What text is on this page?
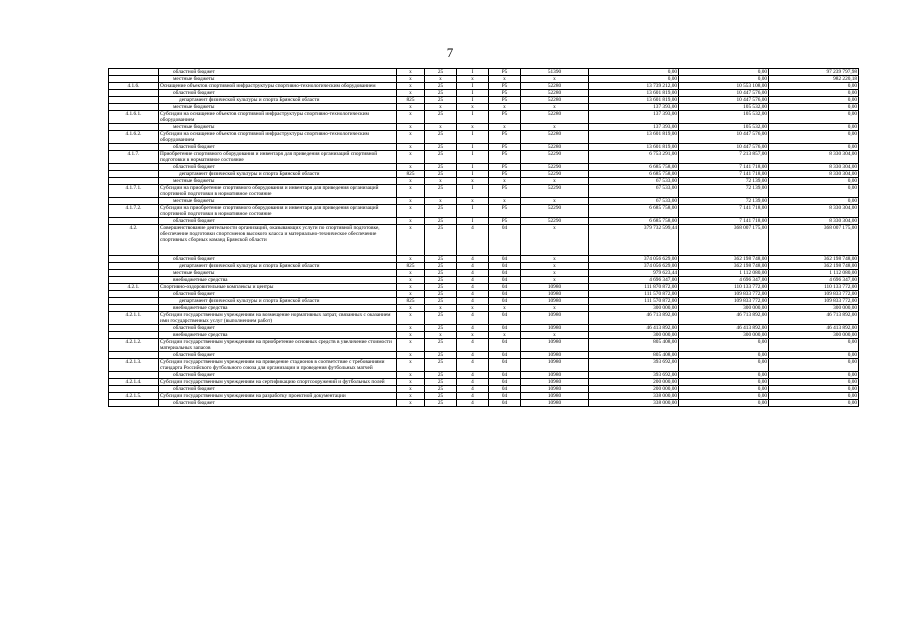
7
	областной бюджет	х	25	I	P5	51390	0,00	0,00	97 239 797,98
	местные бюджеты	х	х	х	х	х	0,00	0,00	982 220,18
4.1.6.	Оснащение объектов спортивной инфраструктуры спортивно-технологическим оборудованием	х	25	I	P5	52280	13 739 212,00	10 553 108,00	0,00
	областной бюджет	х	25	I	P5	52280	13 601 819,00	10 447 576,00	0,00
	департамент физической культуры и спорта Брянской области	825	25	I	P5	52280	13 601 819,00	10 447 576,00	0,00
	местные бюджеты	х	х	х	х	х	137 393,00	105 532,00	0,00
4.1.6.1.	Субсидии на оснащение объектов спортивной инфраструктуры спортивно-технологическим оборудованием	х	25	I	P5	52280	137 393,00	105 532,00	0,00
	местные бюджеты	х	х	х	х	х	137 393,00	105 532,00	0,00
4.1.6.2.	Субсидии на оснащение объектов спортивной инфраструктуры спортивно-технологическим оборудованием	х	25	I	P5	52280	13 601 819,00	10 447 576,00	0,00
	областной бюджет	х	25	I	P5	52280	13 601 819,00	10 447 576,00	0,00
4.1.7.	Приобретение спортивного оборудования и инвентаря для приведения организаций спортивной подготовки в нормативное состояние	х	25	I	P5	52290	6 753 291,00	7 213 857,00	8 330 304,00
	областной бюджет	х	25	I	P5	52290	6 685 758,00	7 141 718,00	8 330 304,00
	департамент физической культуры и спорта Брянской области	825	25	I	P5	52290	6 685 758,00	7 141 718,00	8 330 304,00
	местные бюджеты	х	х	х	х	х	67 533,00	72 139,00	0,00
4.1.7.1.	Субсидии на приобретение спортивного оборудования и инвентаря для приведения организаций спортивной подготовки в нормативное состояние	х	25	I	P5	52290	67 533,00	72 139,00	0,00
	местные бюджеты	х	х	х	х	х	67 533,00	72 139,00	0,00
4.1.7.2.	Субсидии на приобретение спортивного оборудования и инвентаря для приведения организаций спортивной подготовки в нормативное состояние	х	25	I	P5	52290	6 685 758,00	7 141 718,00	8 330 304,00
	областной бюджет	х	25	I	P5	52290	6 685 758,00	7 141 718,00	8 330 304,00
4.2.	Совершенствование деятельности организаций, оказывающих услуги по спортивной подготовке, обеспечение подготовки спортсменов высокого класса и материально-техническое обеспечение спортивных сборных команд Брянской области	х	25	4	04	х	379 732 599,44	368 007 175,00	368 007 175,00
	областной бюджет	х	25	4	04	х	374 056 629,00	362 198 748,00	362 198 748,00
	департамент физической культуры и спорта Брянской области	825	25	4	04	х	374 056 629,00	362 198 748,00	362 198 748,00
	местные бюджеты	х	25	4	04	х	979 623,44	1 112 080,00	1 112 080,00
	внебюджетные средства	х	25	4	04	х	4 696 347,00	4 696 347,00	4 696 347,00
4.2.1.	Спортивно-оздоровительные комплексы и центры	х	25	4	04	10980	111 870 872,00	110 133 772,00	110 133 772,00
	областной бюджет	х	25	4	04	10980	111 570 872,00	109 833 772,00	109 833 772,00
	департамент физической культуры и спорта Брянской области	825	25	4	04	10980	111 570 872,00	109 833 772,00	109 833 772,00
	внебюджетные средства	х	х	х	х	х	300 000,00	300 000,00	300 000,00
4.2.1.1.	Субсидии государственным учреждениям на возмещение нормативных затрат, связанных с оказанием ими государственных услуг (выполнением работ)	х	25	4	04	10980	46 713 892,00	46 713 892,00	46 713 892,00
	областной бюджет	х	25	4	04	10980	46 413 892,00	46 413 892,00	46 413 892,00
	внебюджетные средства	х	х	х	х	х	300 000,00	300 000,00	300 000,00
4.2.1.2.	Субсидии государственным учреждениям на приобретение основных средств в увеличение стоимости материальных запасов	х	25	4	04	10980	805 408,00	0,00	0,00
	областной бюджет	х	25	4	04	10980	805 408,00	0,00	0,00
4.2.1.3.	Субсидии государственным учреждениям на приведение стадионов в соответствие с требованиями стандарта Российского футбольного союза для организации и проведения футбольных матчей	х	25	4	04	10980	393 692,00	0,00	0,00
	областной бюджет	х	25	4	04	10980	393 692,00	0,00	0,00
4.2.1.4.	Субсидии государственным учреждениям на сертификацию спортсооружений и футбольных полей	х	25	4	04	10980	200 000,00	0,00	0,00
	областной бюджет	х	25	4	04	10980	200 000,00	0,00	0,00
4.2.1.5.	Субсидии государственным учреждениям на разработку проектной документации	х	25	4	04	10980	338 000,00	0,00	0,00
	областной бюджет	х	25	4	04	10980	338 000,00	0,00	0,00
